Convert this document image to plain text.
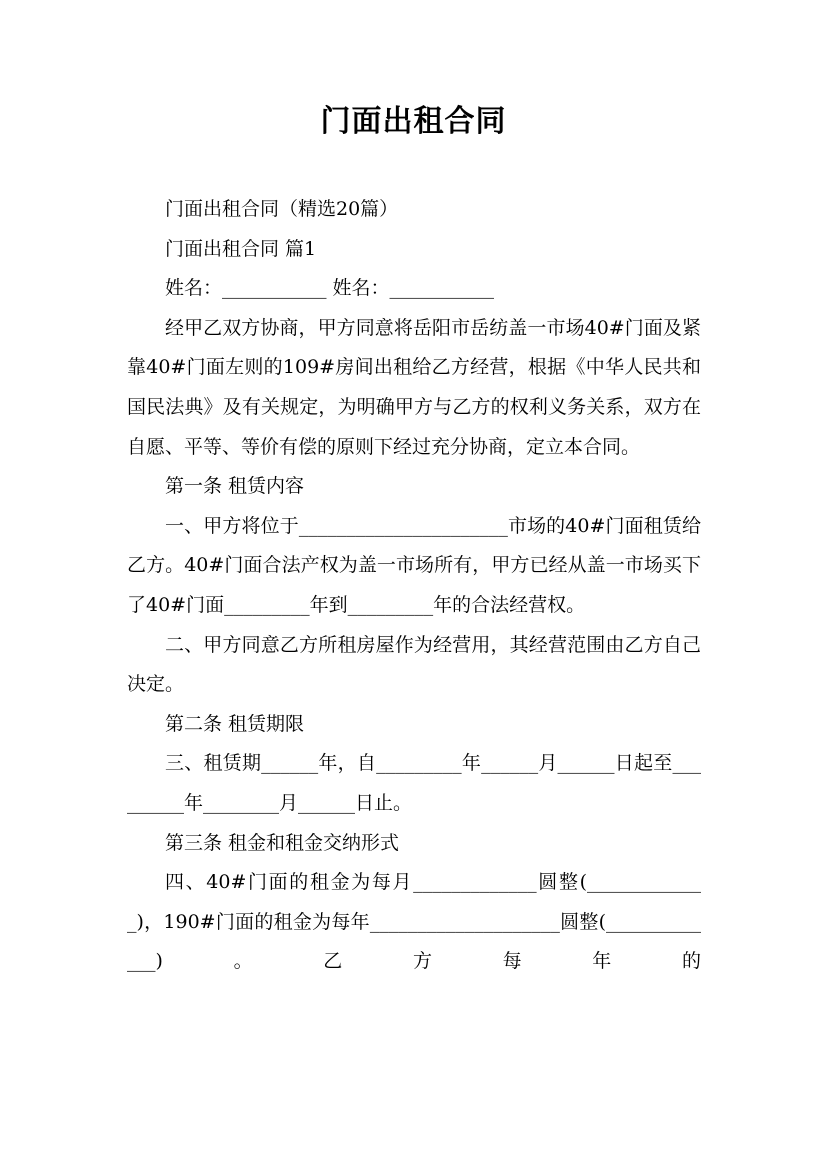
门面出租合同

门面出租合同（精选20篇）

门面出租合同 篇1

姓名：___________ 姓名：___________

经甲乙双方协商，甲方同意将岳阳市岳纺盖一市场40#门面及紧靠40#门面左则的109#房间出租给乙方经营，根据《中华人民共和国民法典》及有关规定，为明确甲方与乙方的权利义务关系，双方在自愿、平等、等价有偿的原则下经过充分协商，定立本合同。

第一条 租赁内容

一、甲方将位于______________________市场的40#门面租赁给乙方。40#门面合法产权为盖一市场所有，甲方已经从盖一市场买下了40#门面_________年到_________年的合法经营权。

二、甲方同意乙方所租房屋作为经营用，其经营范围由乙方自己决定。

第二条 租赁期限

三、租赁期______年，自_________年______月______日起至_________年________月______日止。

第三条 租金和租金交纳形式

四、40#门面的租金为每月_____________圆整(_____________)，190#门面的租金为每年____________________圆整(_____________)。乙方每年的
